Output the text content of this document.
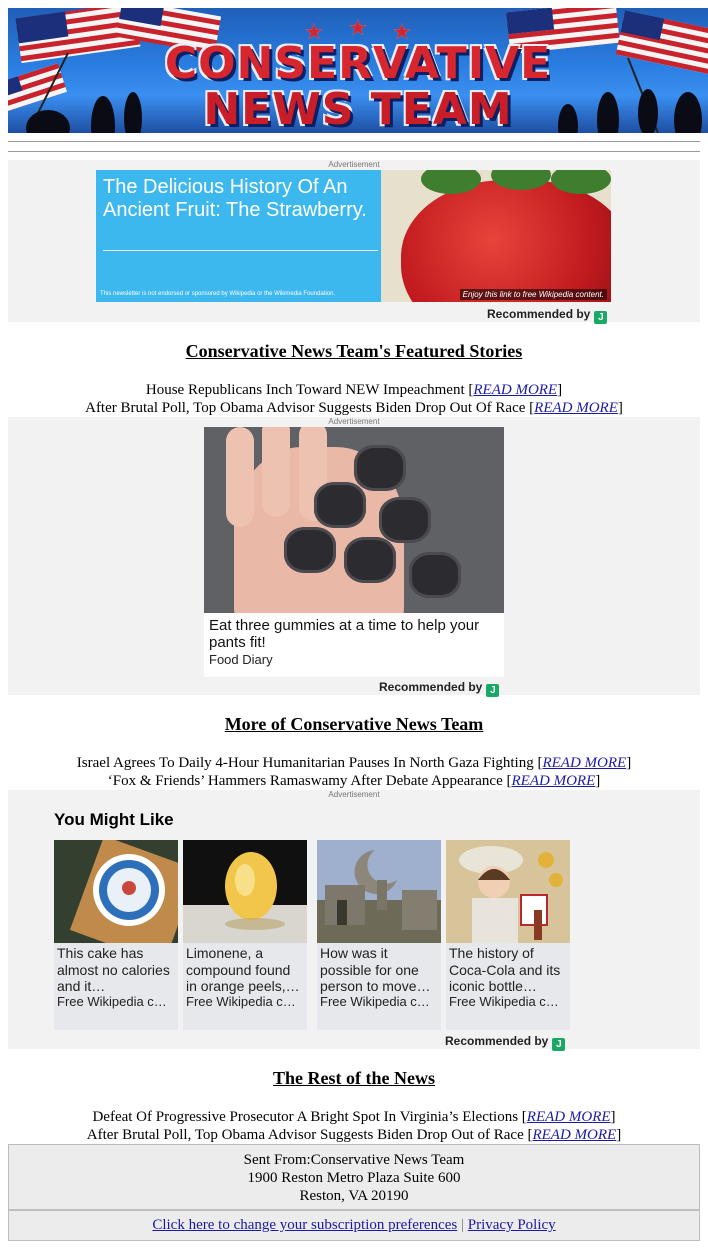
★ ★ ★
CONSERVATIVE
NEWS TEAM
Advertisement
The Delicious History Of An Ancient Fruit: The Strawberry.
This newsletter is not endorsed or sponsored by Wikipedia or the Wikimedia Foundation.	Enjoy this link to free Wikipedia content.
Recommended by J
Conservative News Team's Featured Stories
House Republicans Inch Toward NEW Impeachment [READ MORE]
After Brutal Poll, Top Obama Advisor Suggests Biden Drop Out Of Race [READ MORE]
Advertisement
Eat three gummies at a time to help your pants fit!
Food Diary
Recommended by J
More of Conservative News Team
Israel Agrees To Daily 4-Hour Humanitarian Pauses In North Gaza Fighting [READ MORE]
‘Fox & Friends’ Hammers Ramaswamy After Debate Appearance [READ MORE]
Advertisement
You Might Like
This cake has almost no calories and it…
Free Wikipedia c…
Limonene, a compound found in orange peels,…
Free Wikipedia c…
How was it possible for one person to move…
Free Wikipedia c…
The history of Coca-Cola and its iconic bottle…
Free Wikipedia c…
Recommended by J
The Rest of the News
Defeat Of Progressive Prosecutor A Bright Spot In Virginia’s Elections [READ MORE]
After Brutal Poll, Top Obama Advisor Suggests Biden Drop Out of Race [READ MORE]
Sent From:Conservative News Team
1900 Reston Metro Plaza Suite 600
Reston, VA 20190
Click here to change your subscription preferences | Privacy Policy
